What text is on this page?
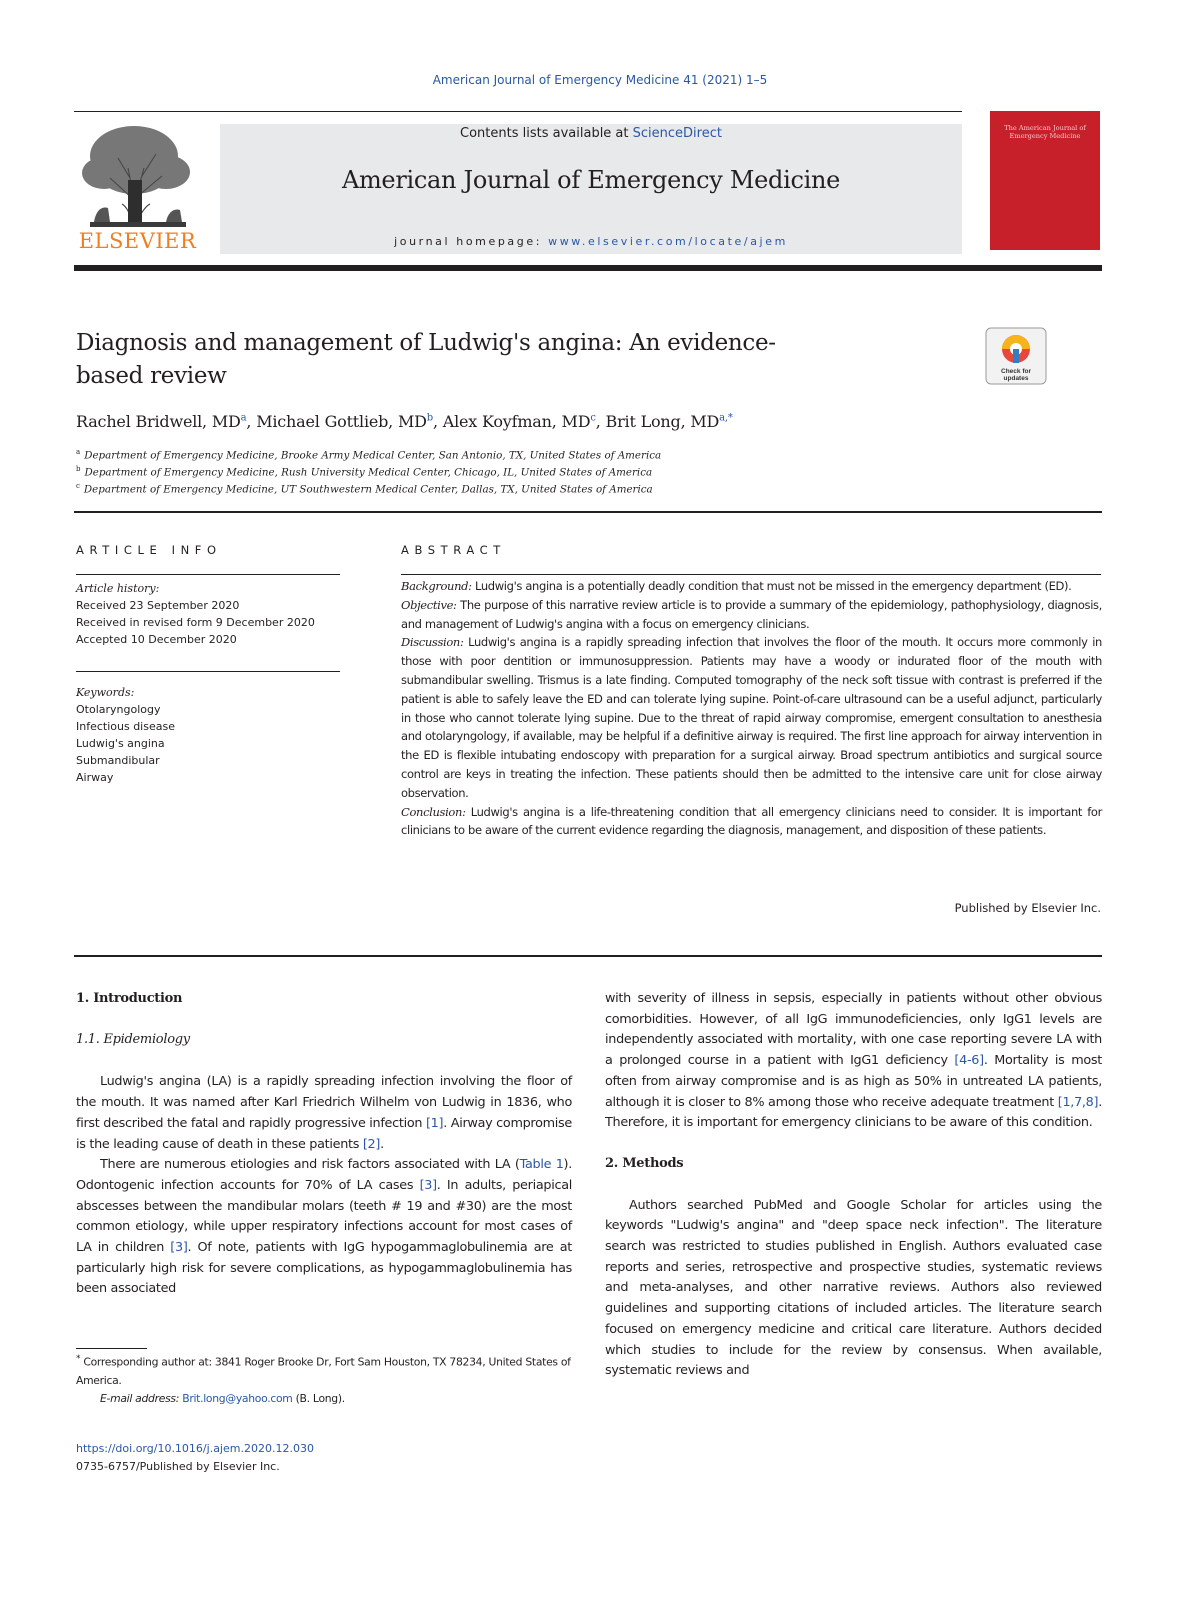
American Journal of Emergency Medicine 41 (2021) 1–5
ELSEVIER
Contents lists available at ScienceDirect
American Journal of Emergency Medicine
journal homepage: www.elsevier.com/locate/ajem
The American Journal of Emergency Medicine
Diagnosis and management of Ludwig's angina: An evidence-based review	Check for
updates
Rachel Bridwell, $MD^a$, Michael Gottlieb, $MD^b$, Alex Koyfman, $MD^c$, Brit Long, $MD^{a,*}$
$^a$ Department of Emergency Medicine, Brooke Army Medical Center, San Antonio, TX, United States of America
$^b$ Department of Emergency Medicine, Rush University Medical Center, Chicago, IL, United States of America
$^c$ Department of Emergency Medicine, UT Southwestern Medical Center, Dallas, TX, United States of America
ARTICLE INFO
Article history:
Received 23 September 2020
Received in revised form 9 December 2020
Accepted 10 December 2020
Keywords:
Otolaryngology
Infectious disease
Ludwig's angina
Submandibular
Airway
ABSTRACT

Background: Ludwig's angina is a potentially deadly condition that must not be missed in the emergency department (ED).

Objective: The purpose of this narrative review article is to provide a summary of the epidemiology, pathophysiology, diagnosis, and management of Ludwig's angina with a focus on emergency clinicians.

Discussion: Ludwig's angina is a rapidly spreading infection that involves the floor of the mouth. It occurs more commonly in those with poor dentition or immunosuppression. Patients may have a woody or indurated floor of the mouth with submandibular swelling. Trismus is a late finding. Computed tomography of the neck soft tissue with contrast is preferred if the patient is able to safely leave the ED and can tolerate lying supine. Point-of-care ultrasound can be a useful adjunct, particularly in those who cannot tolerate lying supine. Due to the threat of rapid airway compromise, emergent consultation to anesthesia and otolaryngology, if available, may be helpful if a definitive airway is required. The first line approach for airway intervention in the ED is flexible intubating endoscopy with preparation for a surgical airway. Broad spectrum antibiotics and surgical source control are keys in treating the infection. These patients should then be admitted to the intensive care unit for close airway observation.

Conclusion: Ludwig's angina is a life-threatening condition that all emergency clinicians need to consider. It is important for clinicians to be aware of the current evidence regarding the diagnosis, management, and disposition of these patients.

Published by Elsevier Inc.
1. Introduction
1.1. Epidemiology

Ludwig's angina (LA) is a rapidly spreading infection involving the floor of the mouth. It was named after Karl Friedrich Wilhelm von Ludwig in 1836, who first described the fatal and rapidly progressive infection [1]. Airway compromise is the leading cause of death in these patients [2].

There are numerous etiologies and risk factors associated with LA (Table 1). Odontogenic infection accounts for 70% of LA cases [3]. In adults, periapical abscesses between the mandibular molars (teeth # 19 and #30) are the most common etiology, while upper respiratory infections account for most cases of LA in children [3]. Of note, patients with IgG hypogammaglobulinemia are at particularly high risk for severe complications, as hypogammaglobulinemia has been associated

with severity of illness in sepsis, especially in patients without other obvious comorbidities. However, of all IgG immunodeficiencies, only IgG1 levels are independently associated with mortality, with one case reporting severe LA with a prolonged course in a patient with IgG1 deficiency [4-6]. Mortality is most often from airway compromise and is as high as 50% in untreated LA patients, although it is closer to 8% among those who receive adequate treatment [1,7,8]. Therefore, it is important for emergency clinicians to be aware of this condition.

2. Methods

Authors searched PubMed and Google Scholar for articles using the keywords "Ludwig's angina" and "deep space neck infection". The literature search was restricted to studies published in English. Authors evaluated case reports and series, retrospective and prospective studies, systematic reviews and meta-analyses, and other narrative reviews. Authors also reviewed guidelines and supporting citations of included articles. The literature search focused on emergency medicine and critical care literature. Authors decided which studies to include for the review by consensus. When available, systematic reviews and

* Corresponding author at: 3841 Roger Brooke Dr, Fort Sam Houston, TX 78234, United States of America.
E-mail address: Brit.long@yahoo.com (B. Long).
https://doi.org/10.1016/j.ajem.2020.12.030
0735-6757/Published by Elsevier Inc.
